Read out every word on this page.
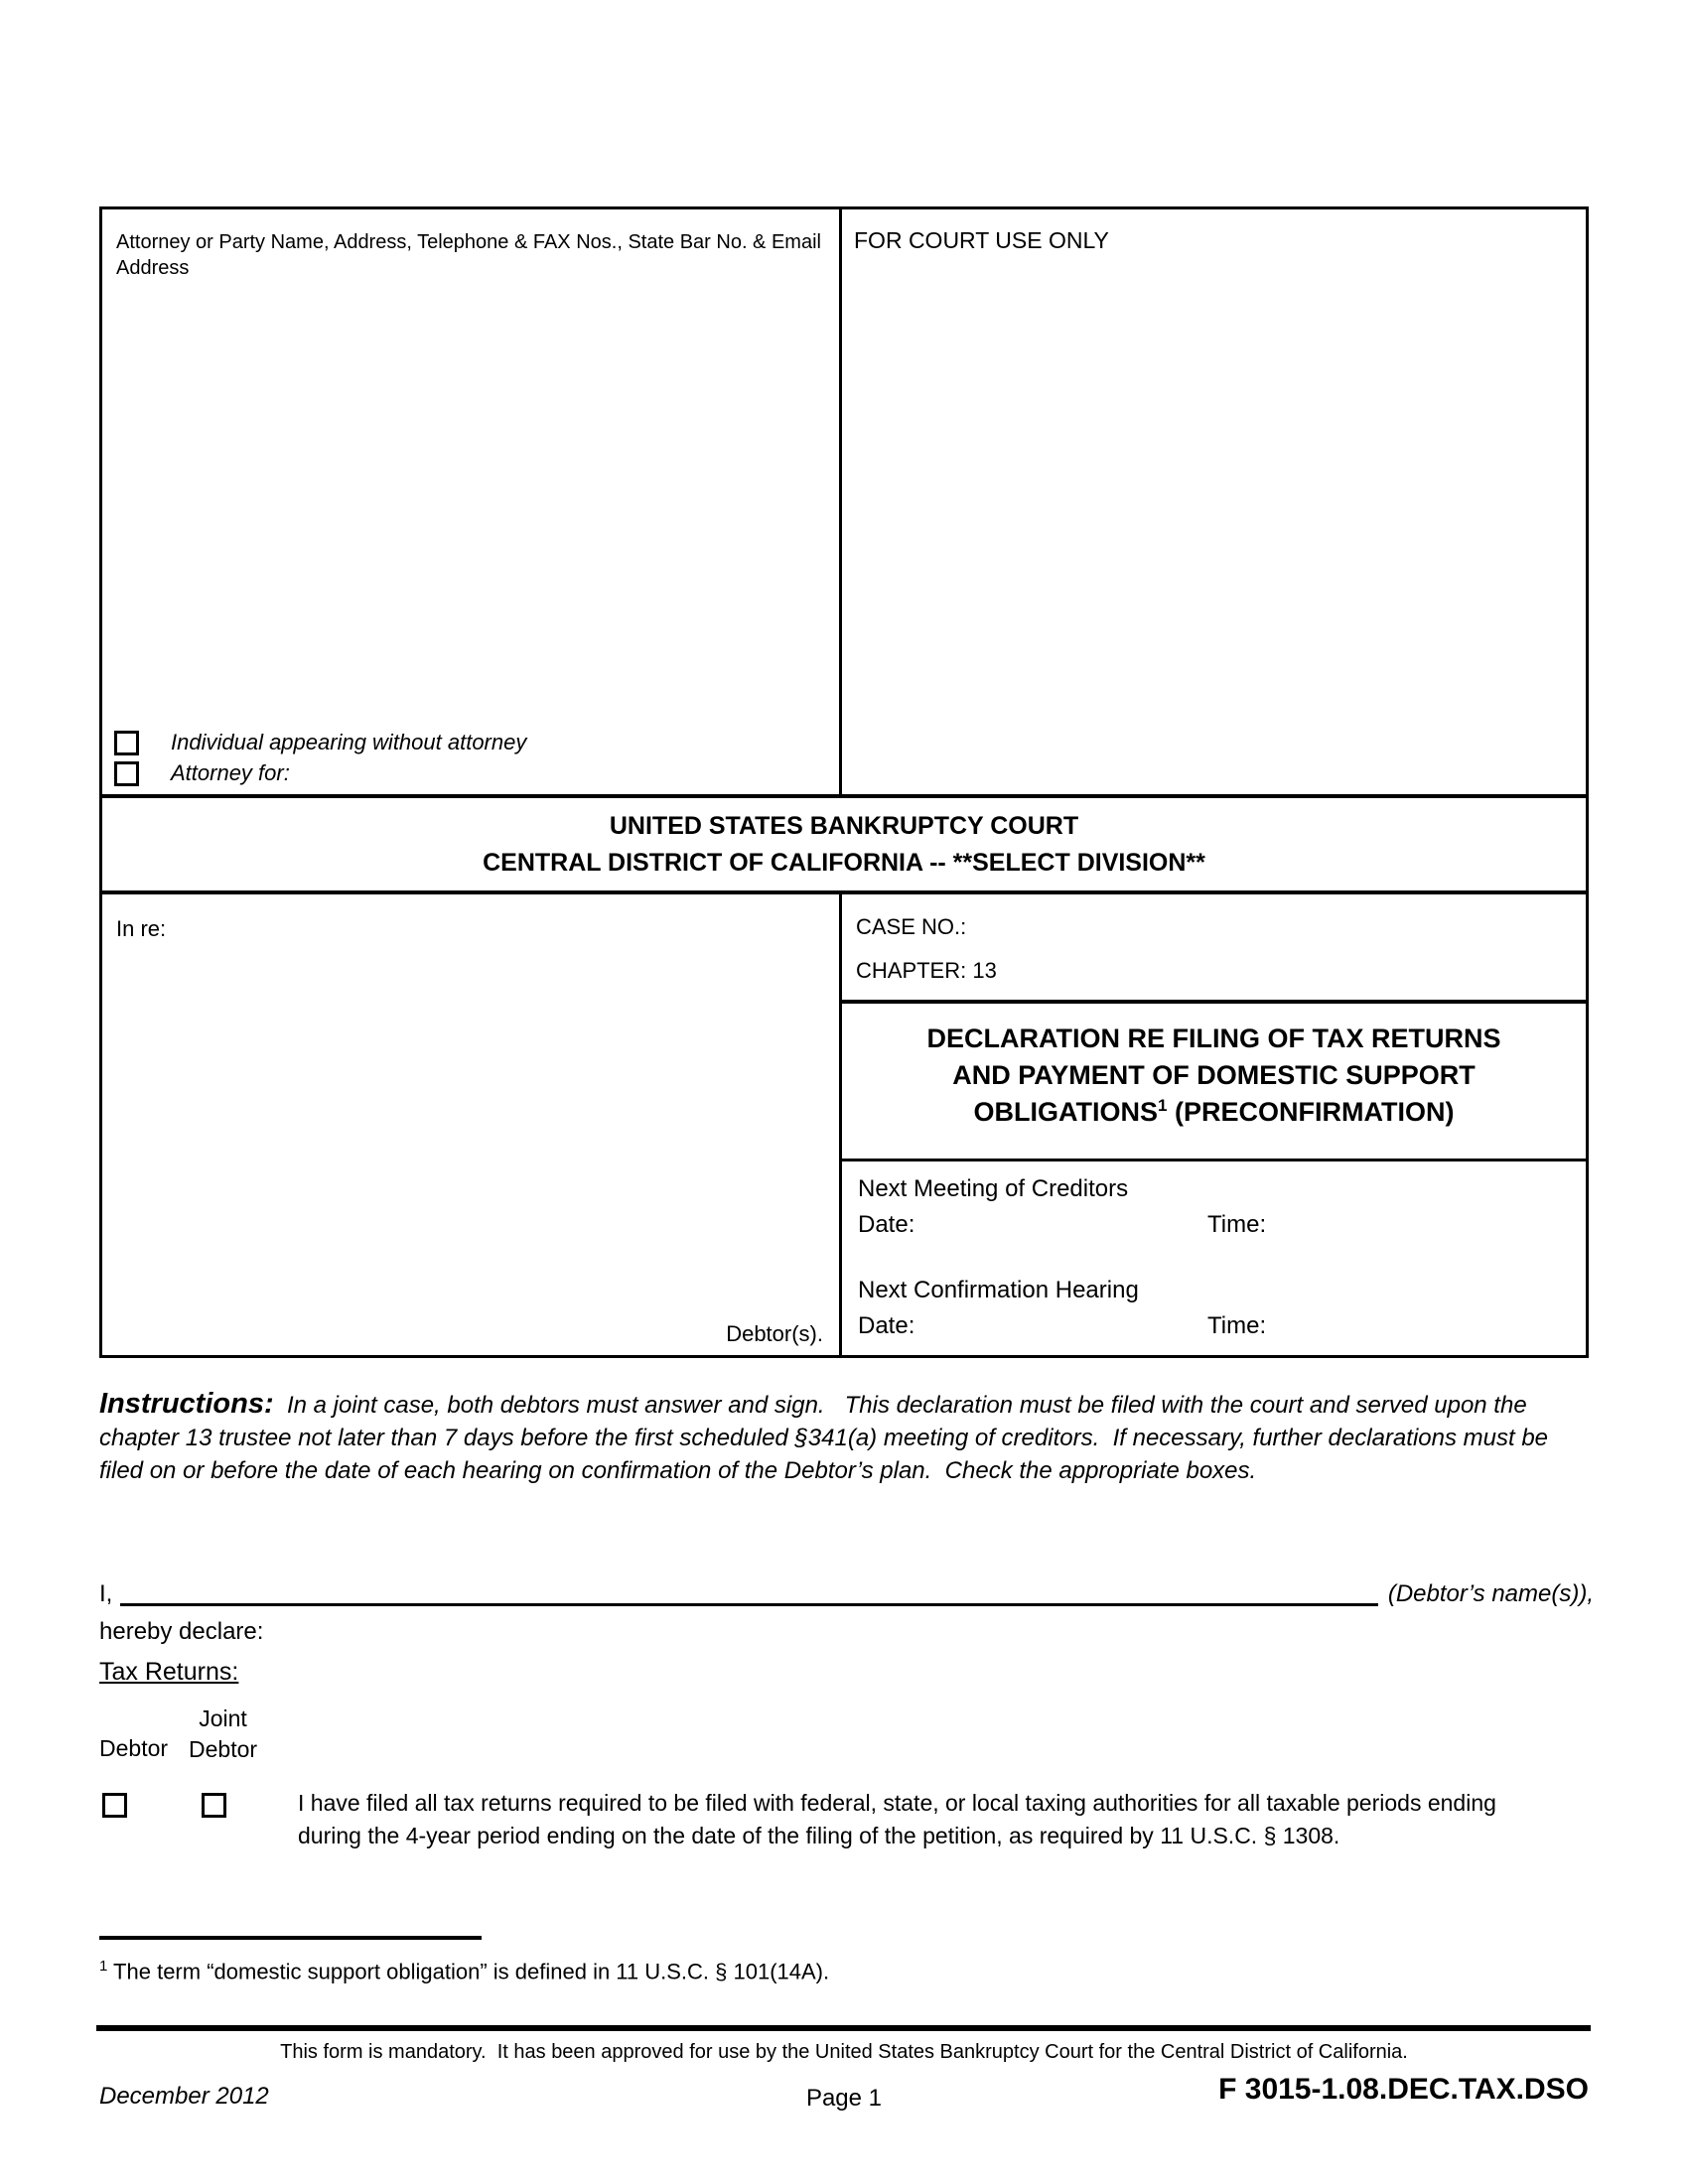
Attorney or Party Name, Address, Telephone & FAX Nos., State Bar No. & Email Address
Individual appearing without attorney
Attorney for:
FOR COURT USE ONLY
UNITED STATES BANKRUPTCY COURT
CENTRAL DISTRICT OF CALIFORNIA -- **SELECT DIVISION**
In re:
Debtor(s).
CASE NO.:
CHAPTER: 13
DECLARATION RE FILING OF TAX RETURNS
AND PAYMENT OF DOMESTIC SUPPORT
OBLIGATIONS$^1$ (PRECONFIRMATION)
Next Meeting of Creditors
Date:	Time:
Next Confirmation Hearing
Date:	Time:
Instructions:  In a joint case, both debtors must answer and sign.   This declaration must be filed with the court and served upon the chapter 13 trustee not later than 7 days before the first scheduled §341(a) meeting of creditors.  If necessary, further declarations must be filed on or before the date of each hearing on confirmation of the Debtor’s plan.  Check the appropriate boxes.
I,	(Debtor’s name(s)),
hereby declare:
Tax Returns:
Debtor
Joint
Debtor
I have filed all tax returns required to be filed with federal, state, or local taxing authorities for all taxable periods ending during the 4-year period ending on the date of the filing of the petition, as required by 11 U.S.C. § 1308.
$^1$ The term “domestic support obligation” is defined in 11 U.S.C. § 101(14A).
This form is mandatory.  It has been approved for use by the United States Bankruptcy Court for the Central District of California.
December 2012	Page 1	F 3015-1.08.DEC.TAX.DSO
